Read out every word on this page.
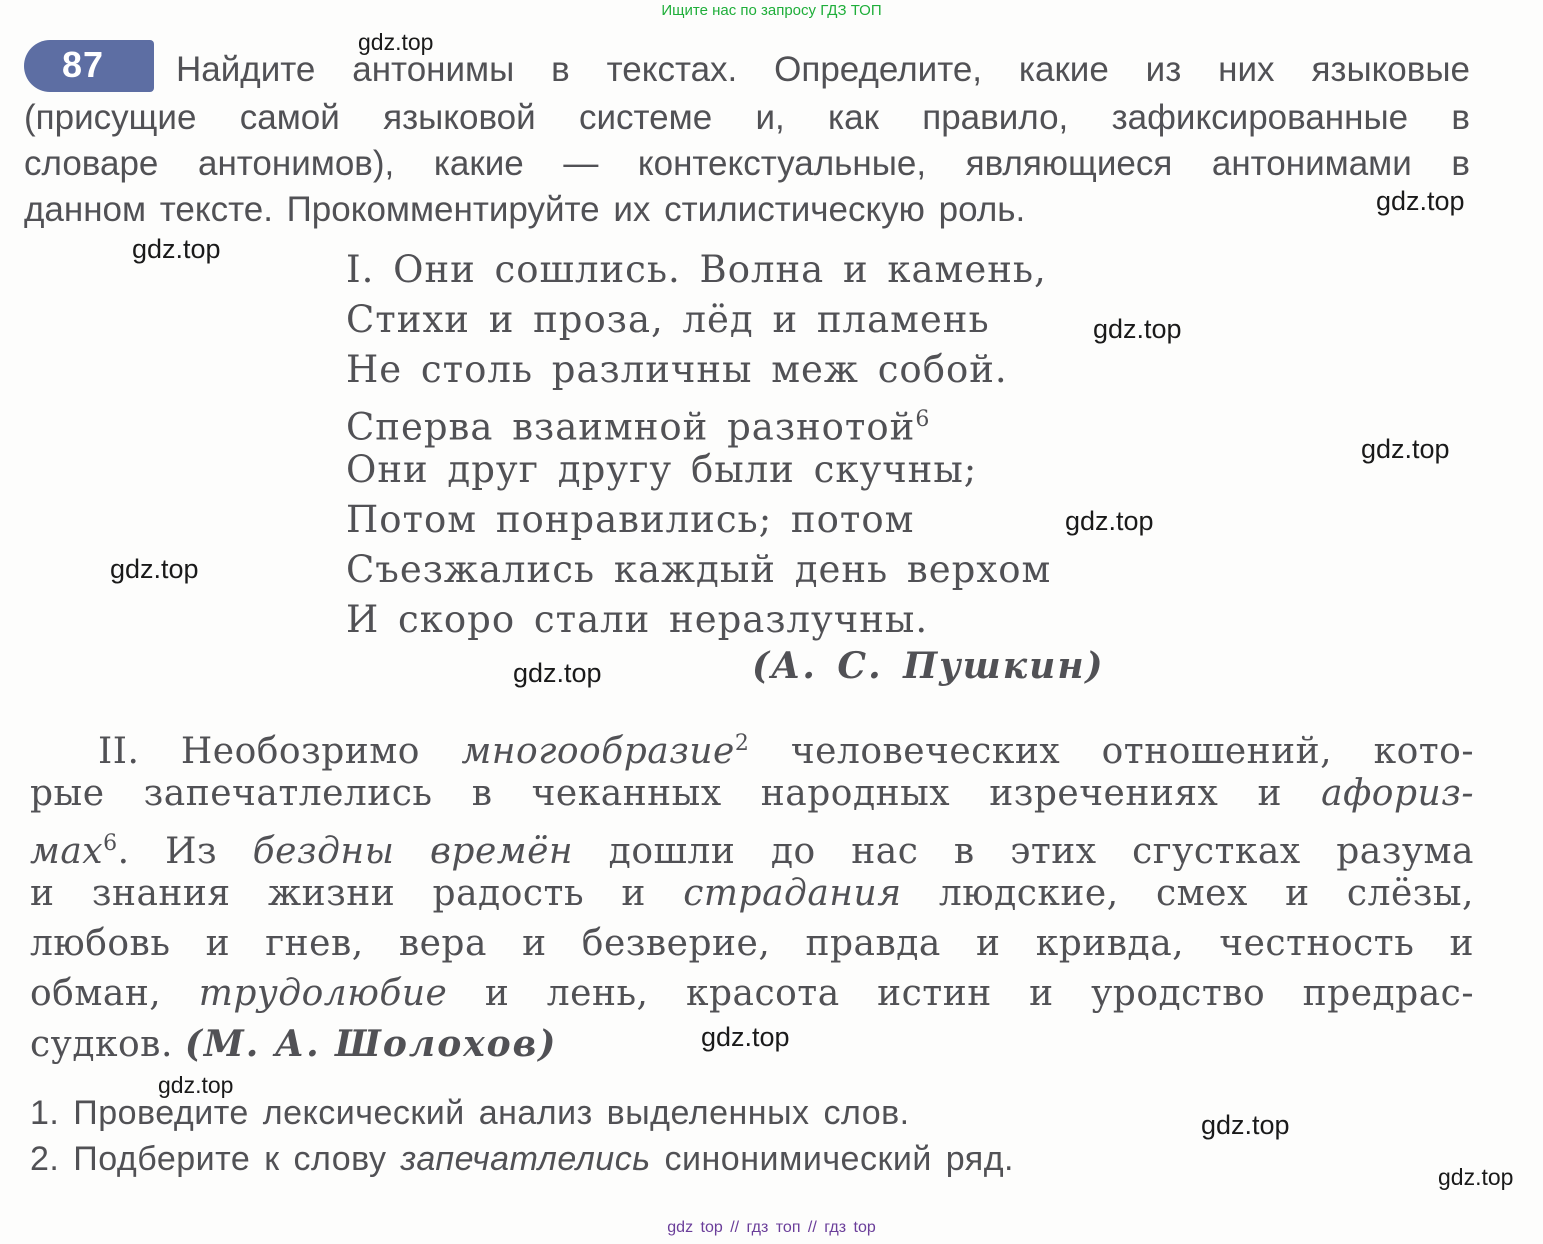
Ищите нас по запросу ГДЗ ТОП
87 Найдите антонимы в текстах. Определите, какие из них языковые
(присущие самой языковой системе и, как правило, зафиксированные в
словаре антонимов), какие — контекстуальные, являющиеся антонимами в
данном тексте. Прокомментируйте их стилистическую роль.
I. Они сошлись. Волна и камень,
Стихи и проза, лёд и пламень
Не столь различны меж собой.
Сперва взаимной разнотой$^6$
Они друг другу были скучны;
Потом понравились; потом
Съезжались каждый день верхом
И скоро стали неразлучны.
(А. С. Пушкин)
II. Необозримо многообразие$^2$ человеческих отношений, кото-
рые запечатлелись в чеканных народных изречениях и афориз-
мах$^6$. Из бездны времён дошли до нас в этих сгустках разума
и знания жизни радость и страдания людские, смех и слёзы,
любовь и гнев, вера и безверие, правда и кривда, честность и
обман, трудолюбие и лень, красота истин и уродство предрас-
судков. (М. А. Шолохов)
1. Проведите лексический анализ выделенных слов.
2. Подберите к слову запечатлелись синонимический ряд.
gdz.top
gdz.top
gdz.top
gdz.top
gdz.top
gdz.top
gdz.top
gdz.top
gdz.top
gdz.top
gdz.top
gdz.top
gdz top // гдз топ // гдз top
